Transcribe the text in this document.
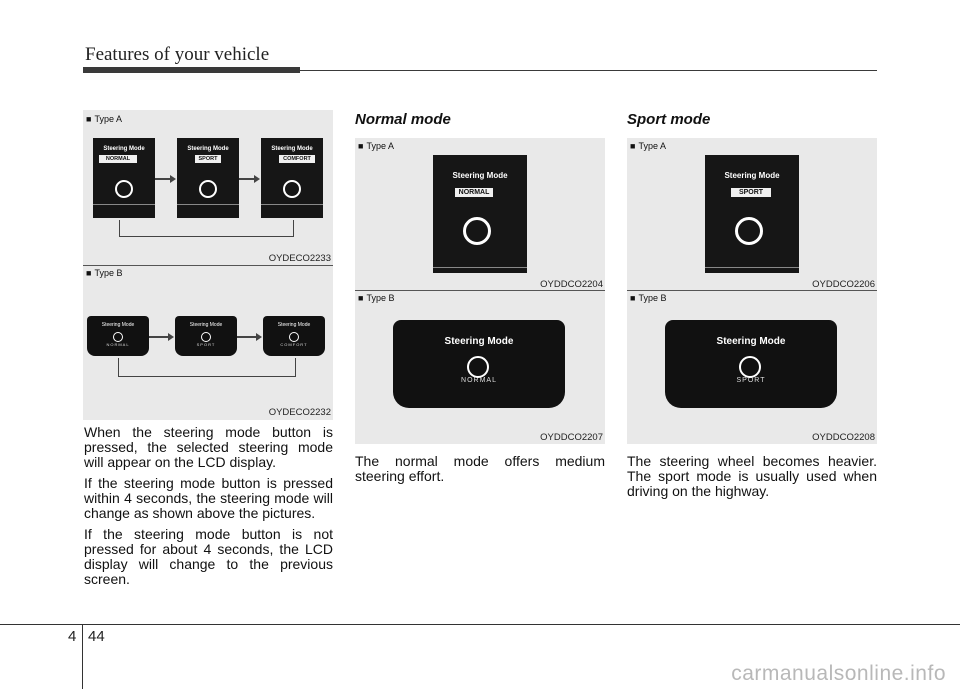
Features of your vehicle
■ Type A
Steering Mode
NORMAL
Steering Mode
SPORT
Steering Mode
COMFORT
OYDECO2233
■ Type B
Steering Mode
NORMAL
Steering Mode
SPORT
Steering Mode
COMFORT
OYDECO2232

When the steering mode button is pressed, the selected steering mode will appear on the LCD display.

If the steering mode button is pressed within 4 seconds, the steering mode will change as shown above the pictures.

If the steering mode button is not pressed for about 4 seconds, the LCD display will change to the previous screen.

Normal mode
■ Type A
Steering Mode
NORMAL
OYDDCO2204
■ Type B
Steering Mode
NORMAL
OYDDCO2207

The normal mode offers medium steering effort.

Sport mode
■ Type A
Steering Mode
SPORT
OYDDCO2206
■ Type B
Steering Mode
SPORT
OYDDCO2208

The steering wheel becomes heavier. The sport mode is usually used when driving on the highway.

4 44
carmanualsonline.info
